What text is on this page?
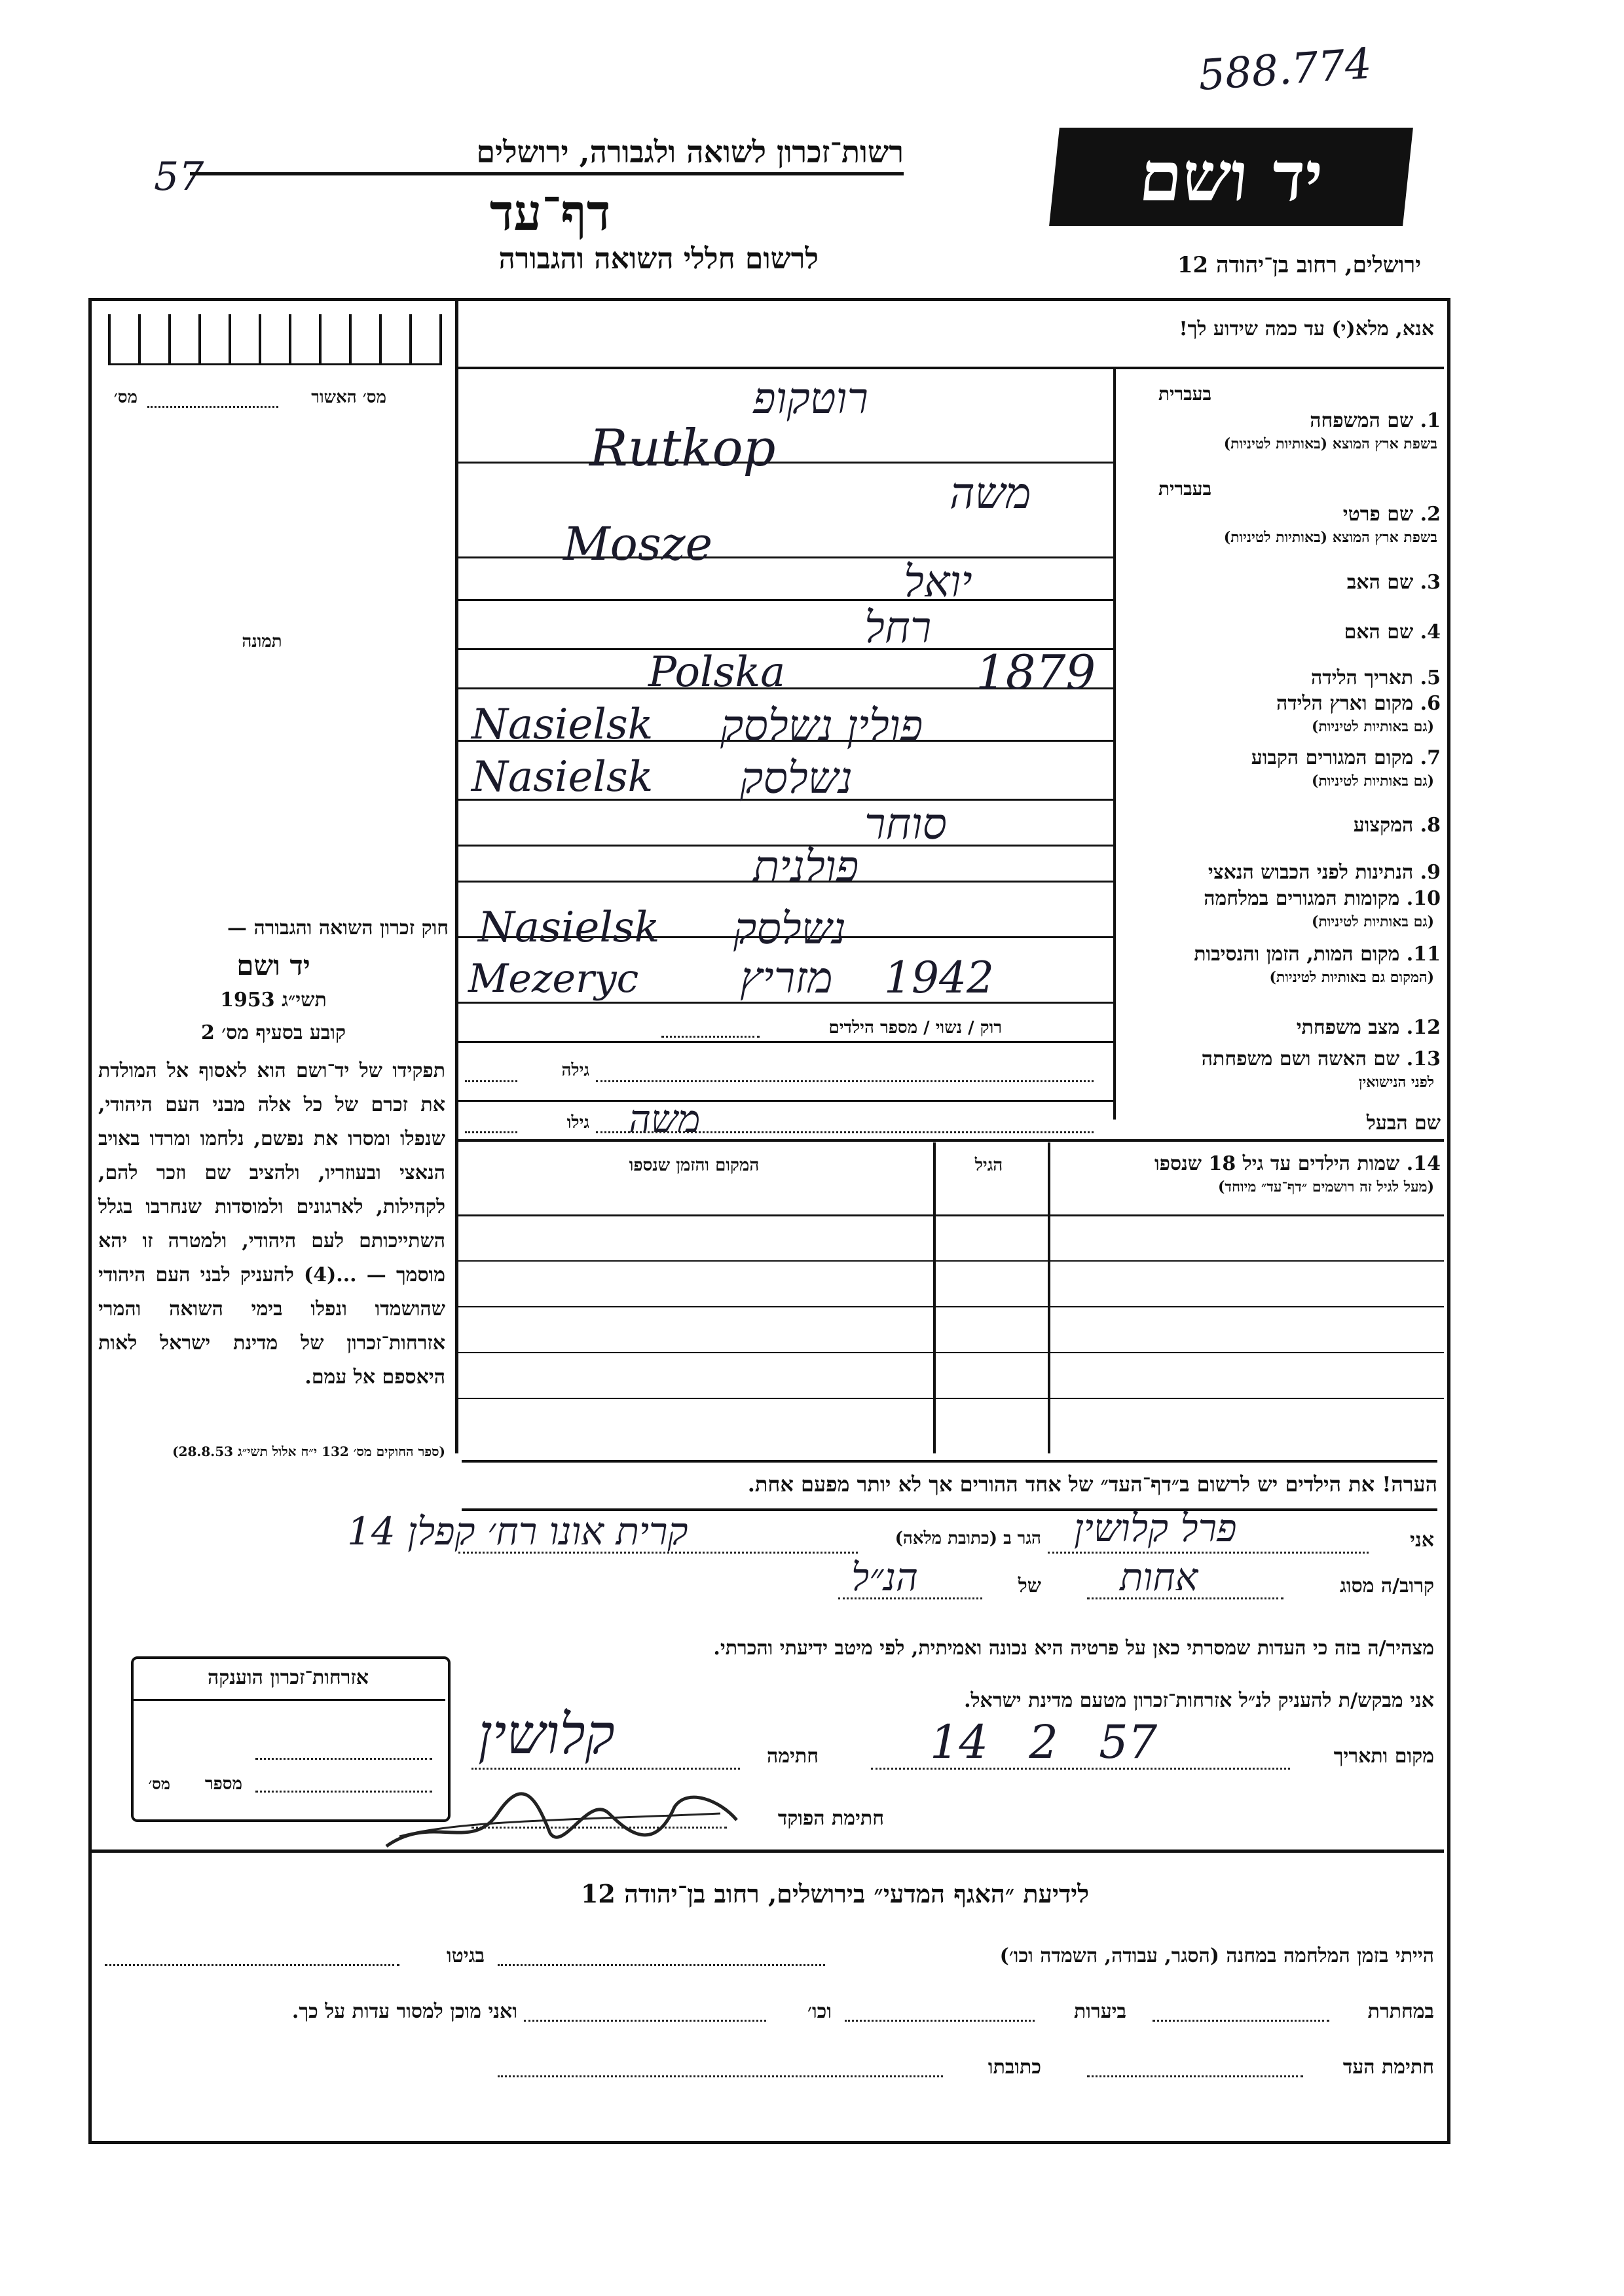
588.774
57
רשות־זכרון לשואה ולגבורה, ירושלים
דף־עד
לרשום חללי השואה והגבורה
יד ושם
ירושלים, רחוב בן־יהודה 12
אנא, מלא(י) עד כמה שידוע לך!
מס׳ האשור
מס׳
תמונה
בעברית
1. שם המשפחה
בשפת ארץ המוצא (באותיות לטיניות)
בעברית
2. שם פרטי
בשפת ארץ המוצא (באותיות לטיניות)
3. שם האב
4. שם האם
5. תאריך הלידה
6. מקום וארץ הלידה
(גם באותיות לטיניות)
7. מקום המגורים הקבוע
(גם באותיות לטיניות)
8. המקצוע
9. הנתינות לפני הכבוש הנאצי
10. מקומות המגורים במלחמה
(גם באותיות לטיניות)
11. מקום המות, הזמן והנסיבות
(המקום גם באותיות לטיניות)
12. מצב משפחתי
13. שם האשה ושם משפחתה
לפני הנישואין
שם הבעל
רוטקופ
Rutkop
משה
Mosze
יואל
רחל
Polska	1879
Nasielsk פולין נשלסק
Nasielsk נשלסק
סוחר
פולנית
Nasielsk נשלסק
Mezeryc מזריץ 1942
רוק / נשוי / מספר הילדים
גילה
גילו משה
14. שמות הילדים עד גיל 18 שנספו
(מעל לגיל זה רושמים ״דף־עד״ מיוחד)
הגיל
המקום והזמן שנספו
חוק זכרון השואה והגבורה —
יד ושם
תשי״ג 1953
קובע בסעיף מס׳ 2
תפקידו של יד־ושם הוא לאסוף אל המולדת את זכרם של כל אלה מבני העם היהודי, שנפלו ומסרו את נפשם, נלחמו ומרדו באויב הנאצי ובעוזריו, ולהציב שם וזכר להם, לקהילות, לארגונים ולמוסדות שנחרבו בגלל השתייכותם לעם היהודי, ולמטרה זו יהא מוסמך — ...(4) להעניק לבני העם היהודי שהושמדו ונפלו בימי השואה והמרי אזרחות־זכרון של מדינת ישראל לאות היאספם אל עמם.
(ספר החוקים מס׳ 132 י״ח אלול תשי״ג 28.8.53)
הערה! את הילדים יש לרשום ב״דף־העד״ של אחד ההורים אך לא יותר מפעם אחת.
אני
פרל קלושין
הגר ב (כתובת מלאה)
קרית אונו רח׳ קפלן 14
קרוב/ה מסוג
אחות
של
הנ״ל
מצהיר/ה בזה כי העדות שמסרתי כאן על פרטיה היא נכונה ואמיתית, לפי מיטב ידיעתי והכרתי.
אני מבקש/ת להעניק לנ״ל אזרחות־זכרון מטעם מדינת ישראל.
מקום ותאריך
14 2 57
חתימה
קלושין
חתימת הפוקד
אזרחות־זכרון הוענקה
מספר
מס׳
לידיעת ״האגף המדעי״ בירושלים, רחוב בן־יהודה 12
הייתי בזמן המלחמה במחנה (הסגר, עבודה, השמדה וכו׳)
בגיטו
במחתרת
ביערות
וכו׳
ואני מוכן למסור עדות על כך.
חתימת העד
כתובתו
